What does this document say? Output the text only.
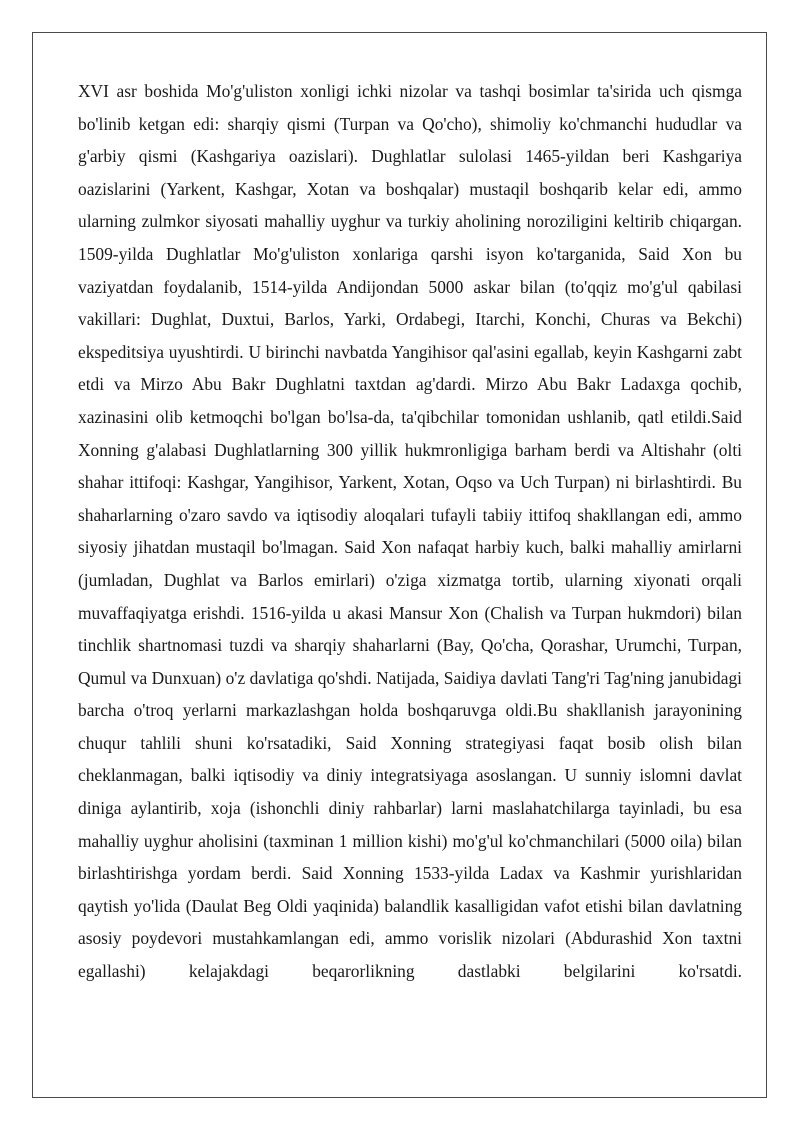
XVI asr boshida Mo'g'uliston xonligi ichki nizolar va tashqi bosimlar ta'sirida uch qismga bo'linib ketgan edi: sharqiy qismi (Turpan va Qo'cho), shimoliy ko'chmanchi hududlar va g'arbiy qismi (Kashgariya oazislari). Dughlatlar sulolasi 1465-yildan beri Kashgariya oazislarini (Yarkent, Kashgar, Xotan va boshqalar) mustaqil boshqarib kelar edi, ammo ularning zulmkor siyosati mahalliy uyghur va turkiy aholining noroziligini keltirib chiqargan. 1509-yilda Dughlatlar Mo'g'uliston xonlariga qarshi isyon ko'targanida, Said Xon bu vaziyatdan foydalanib, 1514-yilda Andijondan 5000 askar bilan (to'qqiz mo'g'ul qabilasi vakillari: Dughlat, Duxtui, Barlos, Yarki, Ordabegi, Itarchi, Konchi, Churas va Bekchi) ekspeditsiya uyushtirdi. U birinchi navbatda Yangihisor qal'asini egallab, keyin Kashgarni zabt etdi va Mirzo Abu Bakr Dughlatni taxtdan ag'dardi. Mirzo Abu Bakr Ladaxga qochib, xazinasini olib ketmoqchi bo'lgan bo'lsa-da, ta'qibchilar tomonidan ushlanib, qatl etildi.Said Xonning g'alabasi Dughlatlarning 300 yillik hukmronligiga barham berdi va Altishahr (olti shahar ittifoqi: Kashgar, Yangihisor, Yarkent, Xotan, Oqso va Uch Turpan) ni birlashtirdi. Bu shaharlarning o'zaro savdo va iqtisodiy aloqalari tufayli tabiiy ittifoq shakllangan edi, ammo siyosiy jihatdan mustaqil bo'lmagan. Said Xon nafaqat harbiy kuch, balki mahalliy amirlarni (jumladan, Dughlat va Barlos emirlari) o'ziga xizmatga tortib, ularning xiyonati orqali muvaffaqiyatga erishdi. 1516-yilda u akasi Mansur Xon (Chalish va Turpan hukmdori) bilan tinchlik shartnomasi tuzdi va sharqiy shaharlarni (Bay, Qo'cha, Qorashar, Urumchi, Turpan, Qumul va Dunxuan) o'z davlatiga qo'shdi. Natijada, Saidiya davlati Tang'ri Tag'ning janubidagi barcha o'troq yerlarni markazlashgan holda boshqaruvga oldi.Bu shakllanish jarayonining chuqur tahlili shuni ko'rsatadiki, Said Xonning strategiyasi faqat bosib olish bilan cheklanmagan, balki iqtisodiy va diniy integratsiyaga asoslangan. U sunniy islomni davlat diniga aylantirib, xoja (ishonchli diniy rahbarlar) larni maslahatchilarga tayinladi, bu esa mahalliy uyghur aholisini (taxminan 1 million kishi) mo'g'ul ko'chmanchilari (5000 oila) bilan birlashtirishga yordam berdi. Said Xonning 1533-yilda Ladax va Kashmir yurishlaridan qaytish yo'lida (Daulat Beg Oldi yaqinida) balandlik kasalligidan vafot etishi bilan davlatning asosiy poydevori mustahkamlangan edi, ammo vorislik nizolari (Abdurashid Xon taxtni egallashi) kelajakdagi beqarorlikning dastlabki belgilarini ko'rsatdi.
